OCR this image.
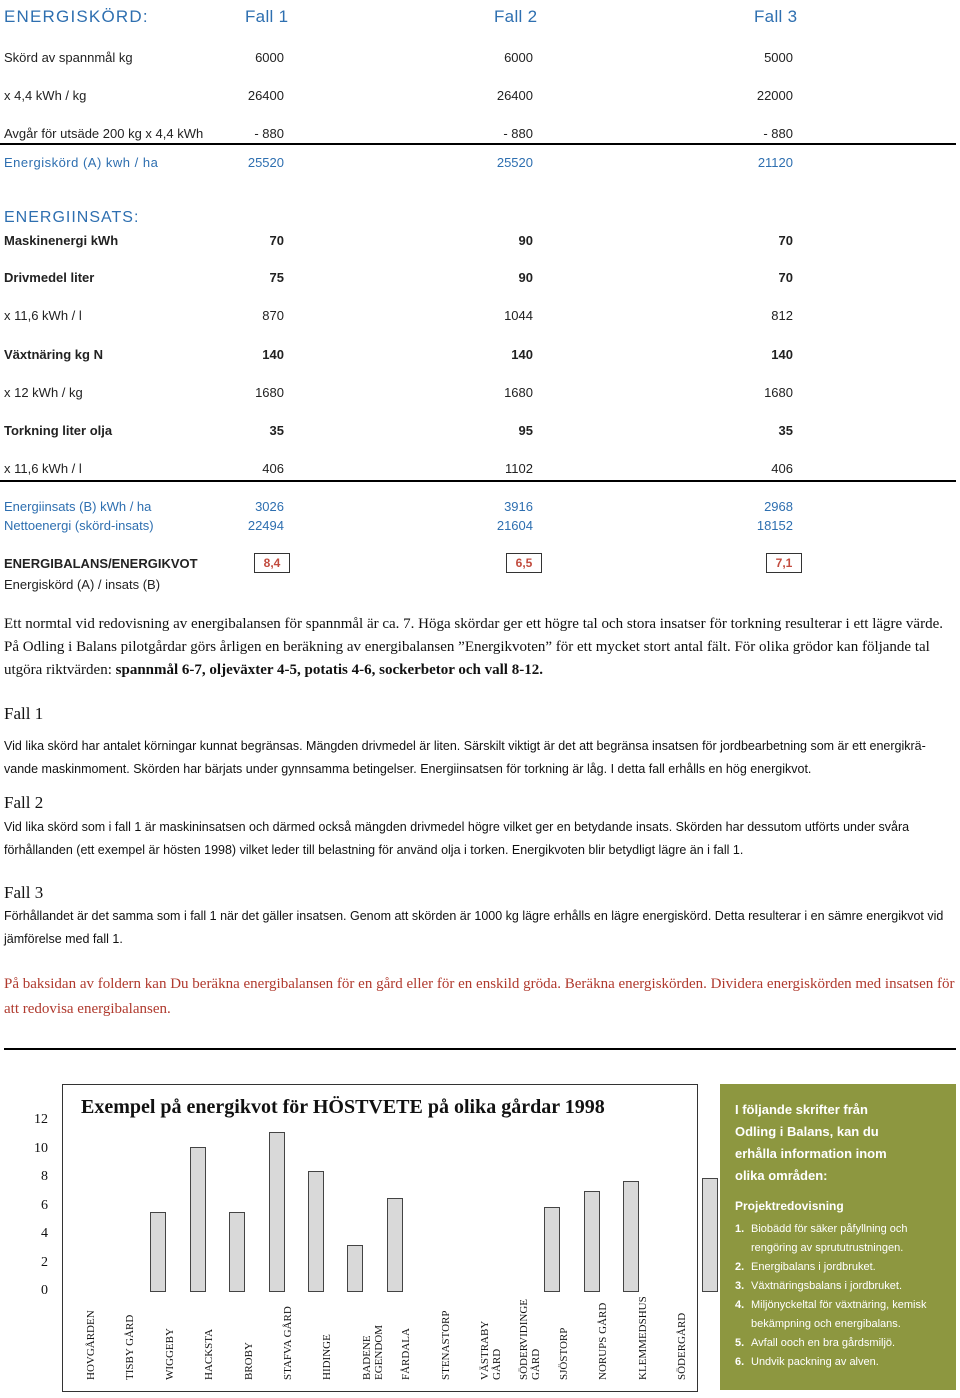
ENERGISKÖRD:	Fall 1	Fall 2	Fall 3
Skörd av spannmål kg	6000	6000	5000
x 4,4 kWh / kg	26400	26400	22000
Avgår för utsäde 200 kg x 4,4 kWh	- 880	- 880	- 880
Energiskörd (A) kwh / ha	25520	25520	21120
ENERGIINSATS:
Maskinenergi kWh	70	90	70
Drivmedel liter	75	90	70
x 11,6 kWh / l	870	1044	812
Växtnäring kg N	140	140	140
x 12 kWh / kg	1680	1680	1680
Torkning liter olja	35	95	35
x 11,6 kWh / l	406	1102	406
Energiinsats (B) kWh / ha	3026	3916	2968
Nettoenergi (skörd-insats)	22494	21604	18152
ENERGIBALANS/ENERGIKVOT
Energiskörd (A) / insats (B)
8,4	6,5	7,1
Ett normtal vid redovisning av energibalansen för spannmål är ca. 7. Höga skördar ger ett högre tal och stora insatser för torkning resulterar i ett lägre värde. På Odling i Balans pilotgårdar görs årligen en beräkning av energibalansen ”Energikvoten” för ett mycket stort antal fält. För olika grödor kan följande tal utgöra riktvärden: spannmål 6-7, oljeväxter 4-5, potatis 4-6, sockerbetor och vall 8-12.
Fall 1
Vid lika skörd har antalet körningar kunnat begränsas. Mängden drivmedel är liten. Särskilt viktigt är det att begränsa insatsen för jordbearbetning som är ett energikrä-vande maskinmoment. Skörden har bärjats under gynnsamma betingelser. Energiinsatsen för torkning är låg. I detta fall erhålls en hög energikvot.
Fall 2
Vid lika skörd som i fall 1 är maskininsatsen och därmed också mängden drivmedel högre vilket ger en betydande insats. Skörden har dessutom utförts under svåra förhållanden (ett exempel är hösten 1998) vilket leder till belastning för använd olja i torken. Energikvoten blir betydligt lägre än i fall 1.
Fall 3
Förhållandet är det samma som i fall 1 när det gäller insatsen. Genom att skörden är 1000 kg lägre erhålls en lägre energiskörd. Detta resulterar i en sämre energikvot vid jämförelse med fall 1.
På baksidan av foldern kan Du beräkna energibalansen för en gård eller för en enskild gröda. Beräkna energiskörden. Dividera energiskörden med insatsen för att redovisa energibalansen.
Exempel på energikvot för HÖSTVETE på olika gårdar 1998
0
2
4
6
8
10
12
HOVGÅRDEN TISBY GÅRD WIGGEBY HACKSTA BROBY STAFVA GÅRD HIDINGE BADENE EGENDOM FÅRDALA STENASTORP VÄSTRABY GÅRD SÖDERVIDINGE GÅRD SJÖSTORP NORUPS GÅRD KLEMMEDSHUS SÖDERGÅRD
I följande skrifter från Odling i Balans, kan du erhålla information inom olika områden:
Projektredovisning
1. Biobädd för säker påfyllning och rengöring av sprututrustningen.
2. Energibalans i jordbruket.
3. Växtnäringsbalans i jordbruket.
4. Miljönyckeltal för växtnäring, kemisk bekämpning och energibalans.
5. Avfall ooch en bra gårdsmiljö.
6. Undvik packning av alven.
